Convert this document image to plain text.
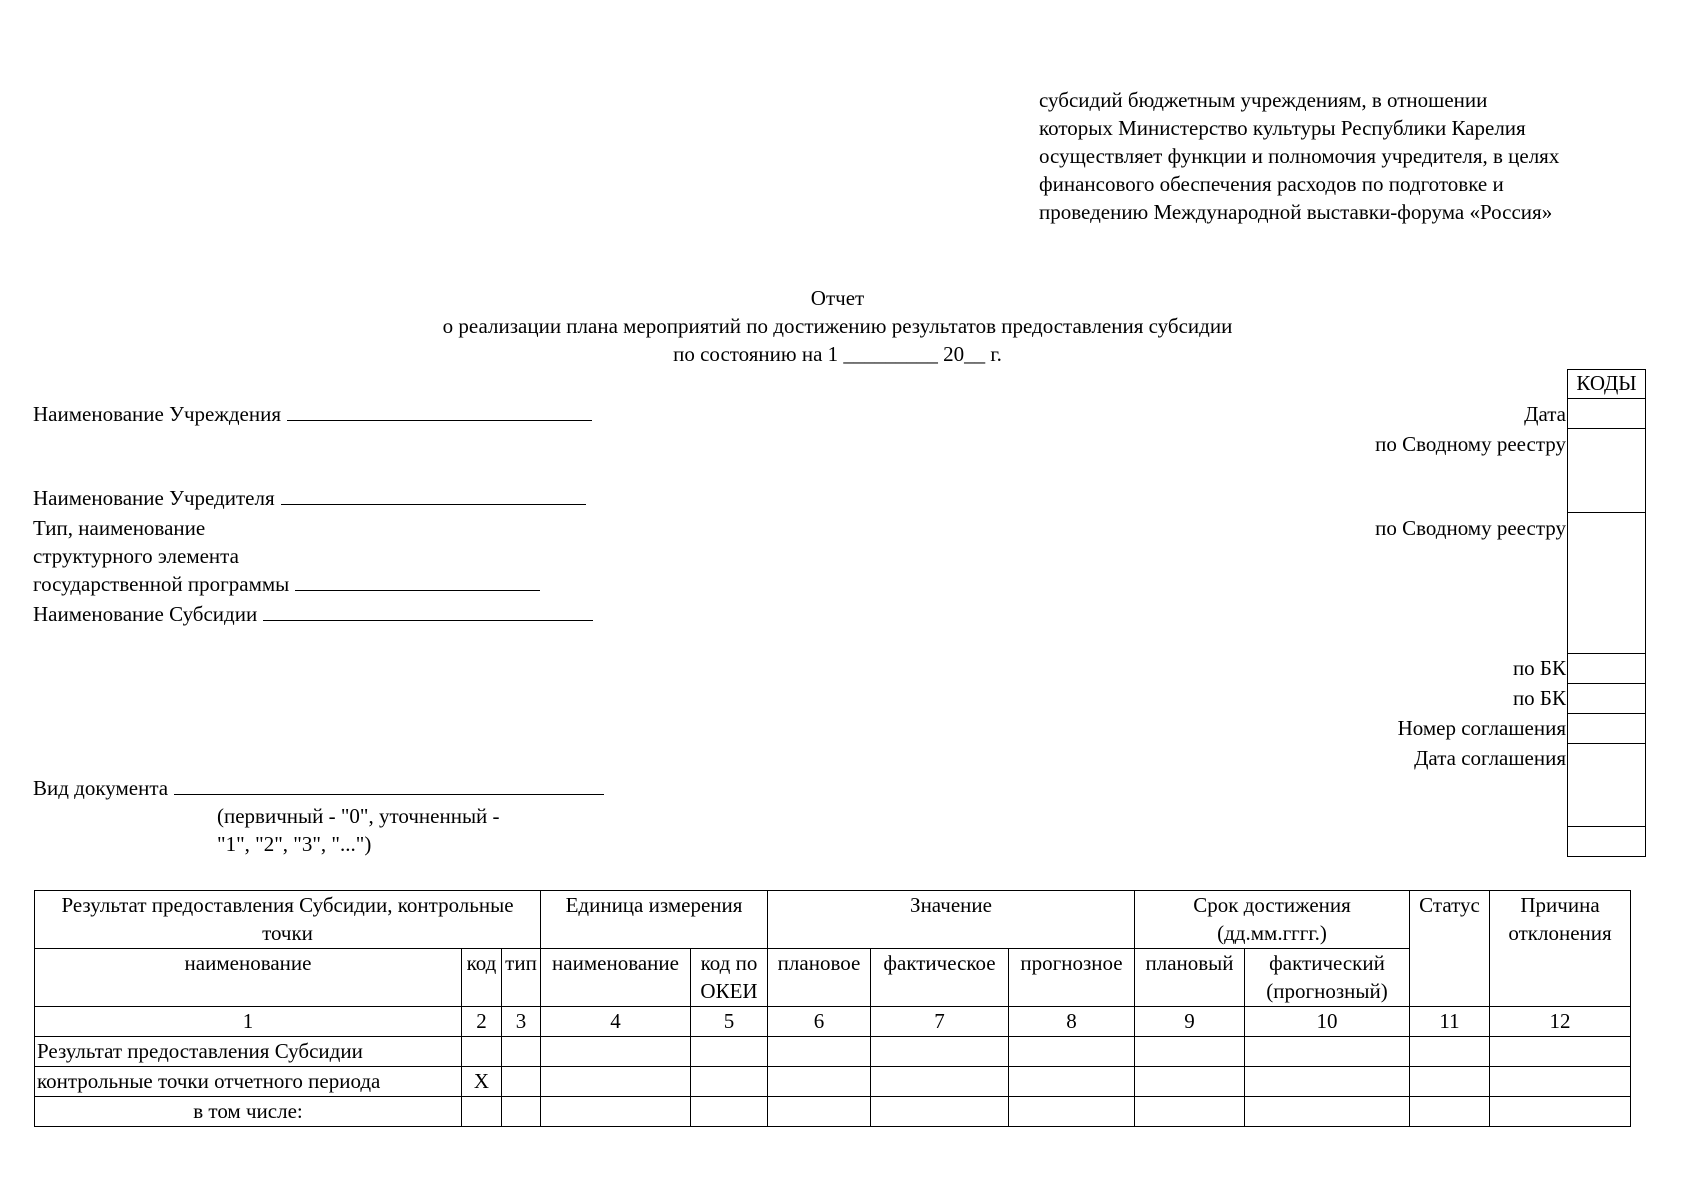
субсидий бюджетным учреждениям, в отношении
которых Министерство культуры Республики Карелия
осуществляет функции и полномочия учредителя, в целях
финансового обеспечения расходов по подготовке и
проведению Международной выставки-форума «Россия»
Отчет
о реализации плана мероприятий по достижению результатов предоставления субсидии
по состоянию на 1 _________ 20__ г.
Наименование Учреждения
Наименование Учредителя
Тип, наименование
структурного элемента
государственной программы
Наименование Субсидии
Вид документа
(первичный - "0", уточненный -
"1", "2", "3", "...")
Дата
по Сводному реестру
по Сводному реестру
по БК
по БК
Номер соглашения
Дата соглашения
КОДЫ

Результат предоставления Субсидии, контрольные точки			Единица измерения		Значение			Срок достижения (дд.мм.гггг.)		Статус	Причина отклонения
наименование	код	тип	наименование	код по ОКЕИ	плановое	фактическое	прогнозное	плановый	фактический (прогнозный)		
1	2	3	4	5	6	7	8	9	10	11	12
Результат предоставления Субсидии											
контрольные точки отчетного периода	X										
в том числе:											
